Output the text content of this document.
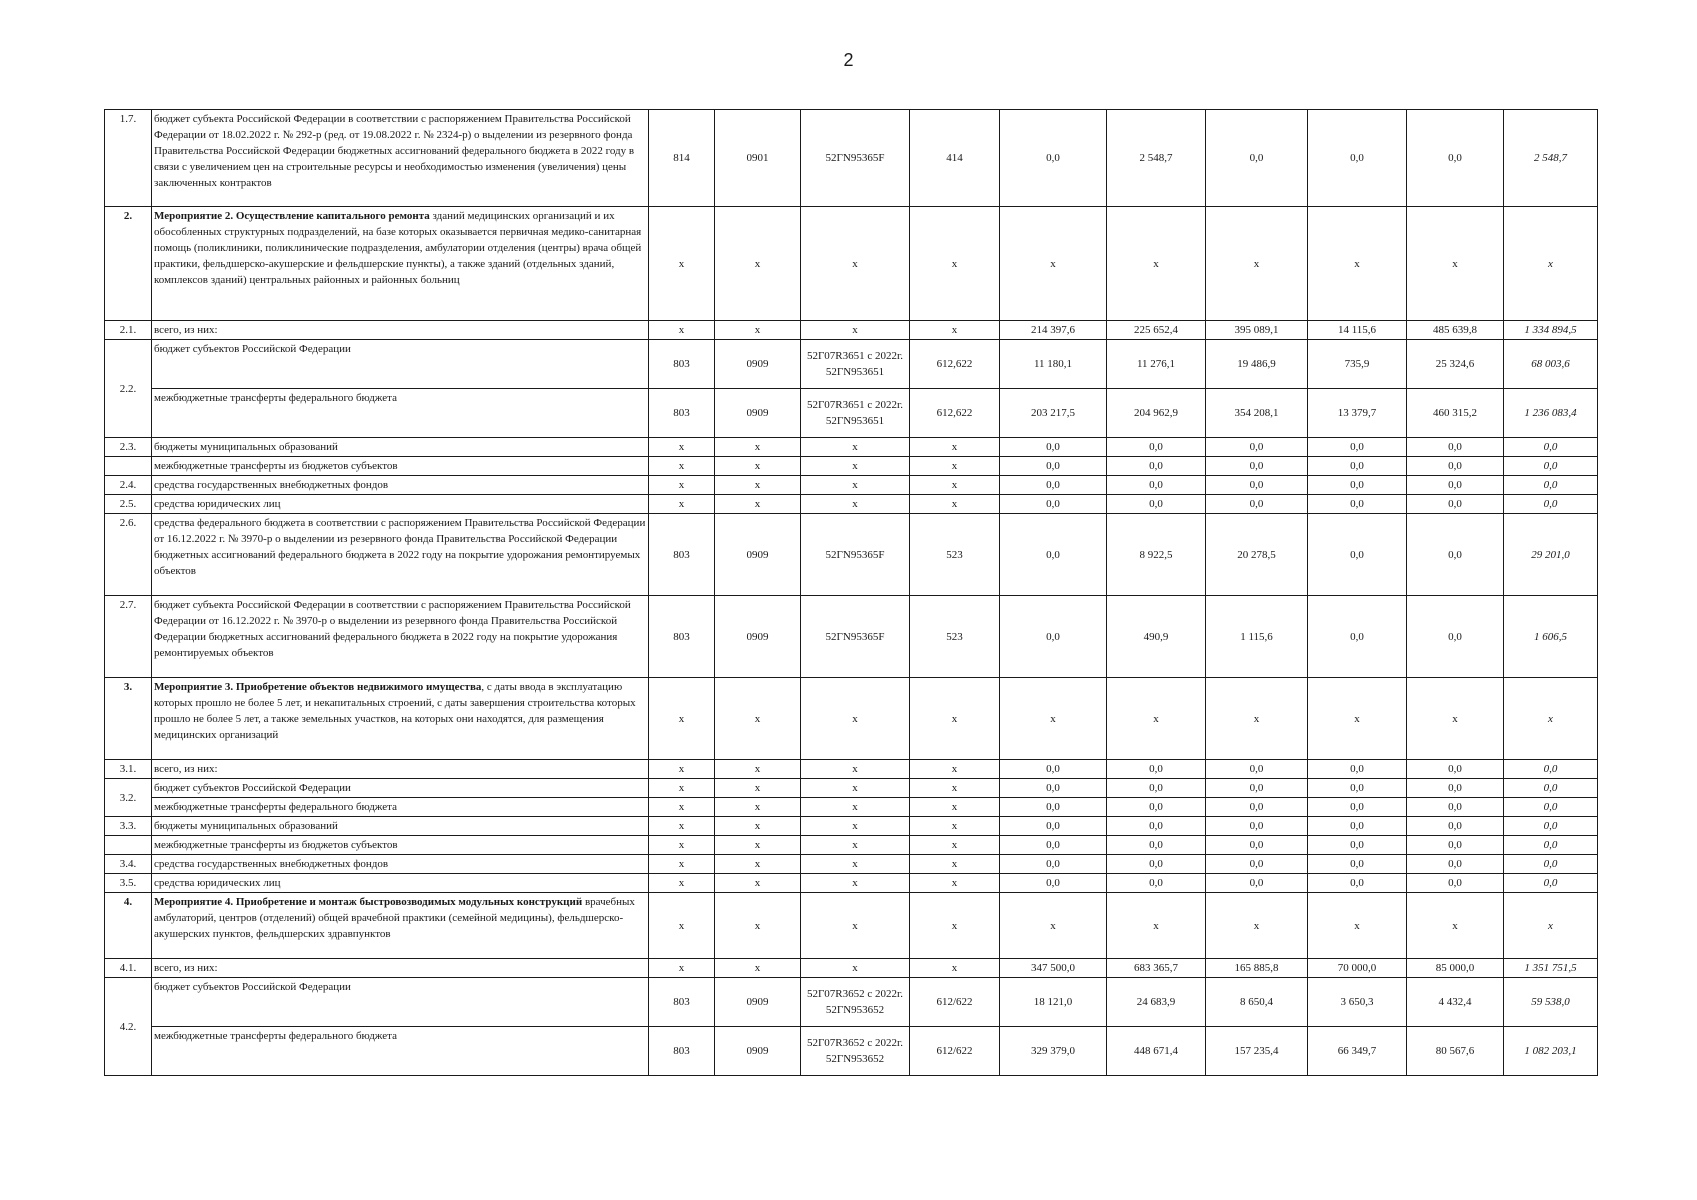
2
1.7.	бюджет субъекта Российской Федерации в соответствии с распоряжением Правительства Российской Федерации от 18.02.2022 г. № 292-р (ред. от 19.08.2022 г. № 2324-р) о выделении из резервного фонда Правительства Российской Федерации бюджетных ассигнований федерального бюджета в 2022 году в связи с увеличением цен на строительные ресурсы и необходимостью изменения (увеличения) цены заключенных контрактов	814	0901	52ГN95365F	414	0,0	2 548,7	0,0	0,0	0,0	2 548,7
2.	Мероприятие 2. Осуществление капитального ремонта зданий медицинских организаций и их обособленных структурных подразделений, на базе которых оказывается первичная медико-санитарная помощь (поликлиники, поликлинические подразделения, амбулатории отделения (центры) врача общей практики, фельдшерско-акушерские и фельдшерские пункты), а также зданий (отдельных зданий, комплексов зданий) центральных районных и районных больниц	x	x	x	x	x	x	x	x	x	x
2.1.	всего, из них:	x	x	x	x	214 397,6	225 652,4	395 089,1	14 115,6	485 639,8	1 334 894,5
2.2.	бюджет субъектов Российской Федерации	803	0909	52Г07R3651 с 2022г. 52ГN953651	612,622	11 180,1	11 276,1	19 486,9	735,9	25 324,6	68 003,6
	межбюджетные трансферты федерального бюджета	803	0909	52Г07R3651 с 2022г. 52ГN953651	612,622	203 217,5	204 962,9	354 208,1	13 379,7	460 315,2	1 236 083,4
2.3.	бюджеты муниципальных образований	x	x	x	x	0,0	0,0	0,0	0,0	0,0	0,0
	межбюджетные трансферты из бюджетов субъектов	x	x	x	x	0,0	0,0	0,0	0,0	0,0	0,0
2.4.	средства государственных внебюджетных фондов	x	x	x	x	0,0	0,0	0,0	0,0	0,0	0,0
2.5.	средства юридических лиц	x	x	x	x	0,0	0,0	0,0	0,0	0,0	0,0
2.6.	средства федерального бюджета в соответствии с распоряжением Правительства Российской Федерации от 16.12.2022 г. № 3970-р о выделении из резервного фонда Правительства Российской Федерации бюджетных ассигнований федерального бюджета в 2022 году на покрытие удорожания ремонтируемых объектов	803	0909	52ГN95365F	523	0,0	8 922,5	20 278,5	0,0	0,0	29 201,0
2.7.	бюджет субъекта Российской Федерации в соответствии с распоряжением Правительства Российской Федерации от 16.12.2022 г. № 3970-р о выделении из резервного фонда Правительства Российской Федерации бюджетных ассигнований федерального бюджета в 2022 году на покрытие удорожания ремонтируемых объектов	803	0909	52ГN95365F	523	0,0	490,9	1 115,6	0,0	0,0	1 606,5
3.	Мероприятие 3. Приобретение объектов недвижимого имущества, с даты ввода в эксплуатацию которых прошло не более 5 лет, и некапитальных строений, с даты завершения строительства которых прошло не более 5 лет, а также земельных участков, на которых они находятся, для размещения медицинских организаций	x	x	x	x	x	x	x	x	x	x
3.1.	всего, из них:	x	x	x	x	0,0	0,0	0,0	0,0	0,0	0,0
3.2.	бюджет субъектов Российской Федерации	x	x	x	x	0,0	0,0	0,0	0,0	0,0	0,0
	межбюджетные трансферты федерального бюджета	x	x	x	x	0,0	0,0	0,0	0,0	0,0	0,0
3.3.	бюджеты муниципальных образований	x	x	x	x	0,0	0,0	0,0	0,0	0,0	0,0
	межбюджетные трансферты из бюджетов субъектов	x	x	x	x	0,0	0,0	0,0	0,0	0,0	0,0
3.4.	средства государственных внебюджетных фондов	x	x	x	x	0,0	0,0	0,0	0,0	0,0	0,0
3.5.	средства юридических лиц	x	x	x	x	0,0	0,0	0,0	0,0	0,0	0,0
4.	Мероприятие 4. Приобретение и монтаж быстровозводимых модульных конструкций врачебных амбулаторий, центров (отделений) общей врачебной практики (семейной медицины), фельдшерско-акушерских пунктов, фельдшерских здравпунктов	x	x	x	x	x	x	x	x	x	x
4.1.	всего, из них:	x	x	x	x	347 500,0	683 365,7	165 885,8	70 000,0	85 000,0	1 351 751,5
4.2.	бюджет субъектов Российской Федерации	803	0909	52Г07R3652 с 2022г. 52ГN953652	612/622	18 121,0	24 683,9	8 650,4	3 650,3	4 432,4	59 538,0
	межбюджетные трансферты федерального бюджета	803	0909	52Г07R3652 с 2022г. 52ГN953652	612/622	329 379,0	448 671,4	157 235,4	66 349,7	80 567,6	1 082 203,1
